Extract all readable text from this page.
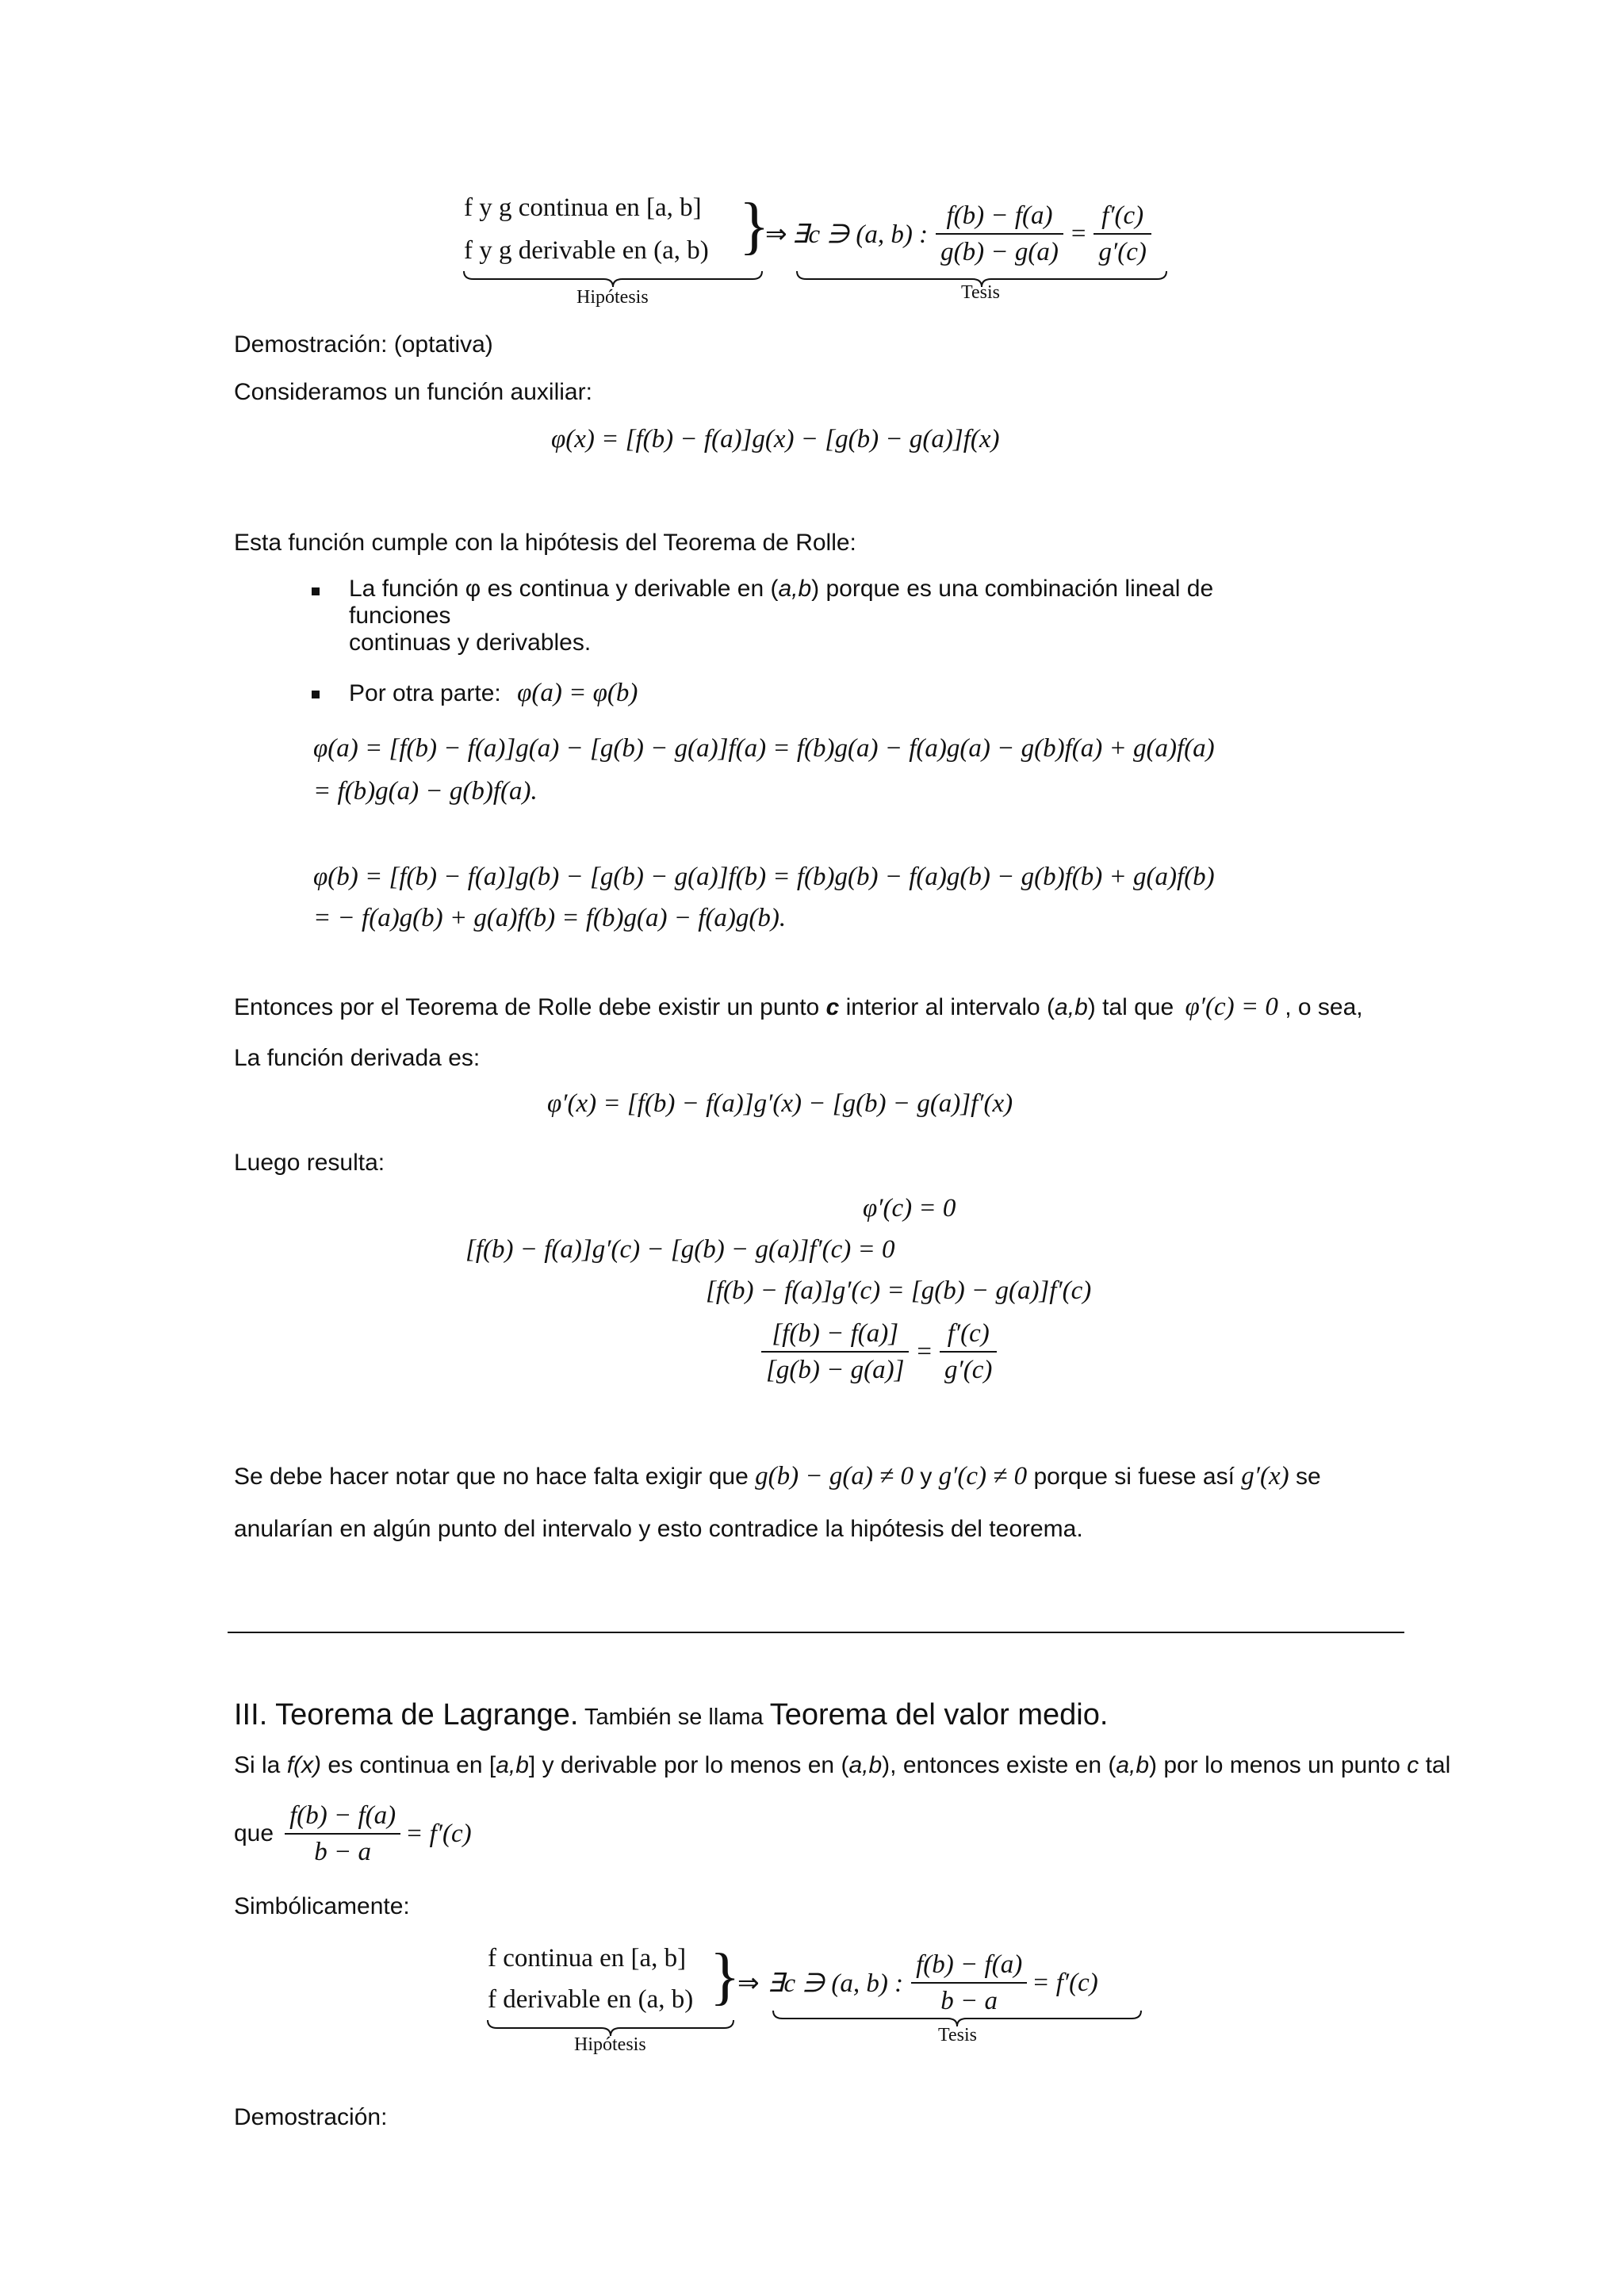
f y g continua en [a, b]
f y g derivable en (a, b) }
Hipótesis
⇒ ∃c ∋ (a, b) : $\frac{f(b) - f(a)}{g(b) - g(a)} = \frac{f'(c)}{g'(c)}$
Tesis
Demostración: (optativa)
Consideramos un función auxiliar:
φ(x) = [f(b) − f(a)]g(x) − [g(b) − g(a)]f(x)
Esta función cumple con la hipótesis del Teorema de Rolle:
La función φ es continua y derivable en (a,b) porque es una combinación lineal de funciones
continuas y derivables.
Por otra parte: φ(a) = φ(b)
φ(a) = [f(b) − f(a)]g(a) − [g(b) − g(a)]f(a) = f(b)g(a) − f(a)g(a) − g(b)f(a) + g(a)f(a)
= f(b)g(a) − g(b)f(a).
φ(b) = [f(b) − f(a)]g(b) − [g(b) − g(a)]f(b) = f(b)g(b) − f(a)g(b) − g(b)f(b) + g(a)f(b)
= − f(a)g(b) + g(a)f(b) = f(b)g(a) − f(a)g(b).
Entonces por el Teorema de Rolle debe existir un punto c interior al intervalo (a,b) tal que φ′(c) = 0 , o sea,
La función derivada es:
φ′(x) = [f(b) − f(a)]g′(x) − [g(b) − g(a)]f′(x)
Luego resulta:
φ′(c) = 0
[f(b) − f(a)]g′(c) − [g(b) − g(a)]f′(c) = 0
[f(b) − f(a)]g′(c) = [g(b) − g(a)]f′(c)
$\frac{[f(b) - f(a)]}{[g(b) - g(a)]} = \frac{f'(c)}{g'(c)}$
Se debe hacer notar que no hace falta exigir que g(b) − g(a) ≠ 0 y g′(c) ≠ 0 porque si fuese así g′(x) se
anularían en algún punto del intervalo y esto contradice la hipótesis del teorema.
III. Teorema de Lagrange. También se llama Teorema del valor medio.
Si la f(x) es continua en [a,b] y derivable por lo menos en (a,b), entonces existe en (a,b) por lo menos un punto c tal
que $\frac{f(b) - f(a)}{b - a} = f'(c)$
Simbólicamente:
f continua en [a, b]
f derivable en (a, b) }
Hipótesis
⇒ ∃c ∋ (a, b) : $\frac{f(b) - f(a)}{b - a} = f'(c)$
Tesis
Demostración:
